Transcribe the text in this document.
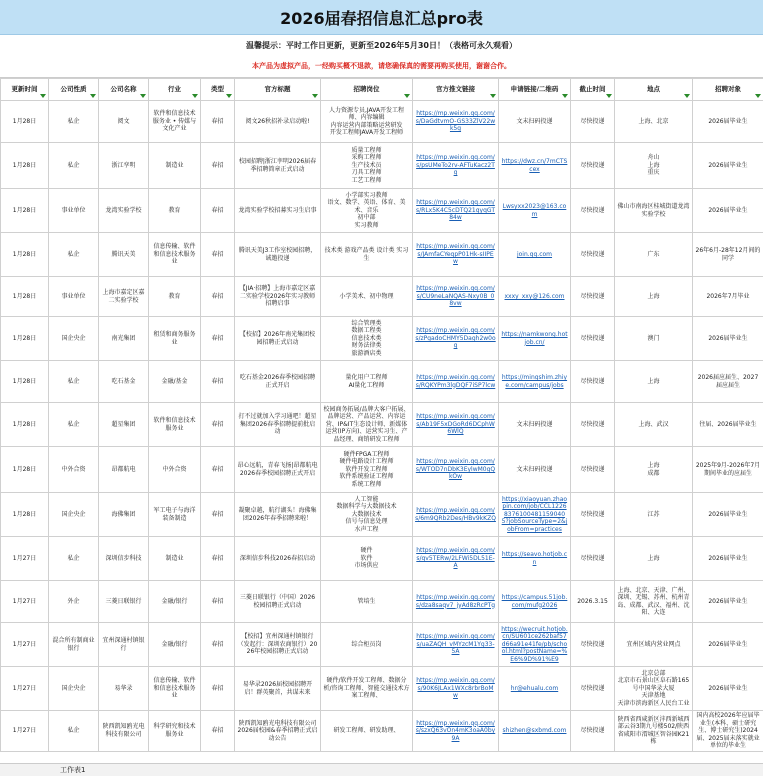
2026届春招信息汇总pro表
温馨提示：平时工作日更新，更新至2026年5月30日！（表格可永久观看）
本产品为虚拟产品，一经购买概不退款，请您确保真的需要再购买使用，谢谢合作。
更新时间	公司性质	公司名称	行业	类型	官方标题	招聘岗位	官方推文链接	申请链接/二维码	截止时间	地点	招聘对象

1月28日	私企	阅文	软件和信息技术服务业 • 传媒与文化产业	春招	阅文26秋招补录启动啦!	人力资源专员,JAVA开发工程师、内容编辑
内容运营内部策略运营研发
开发工程师JAVA开发工程师	https://mp.weixin.qq.com/s/DaGdtvmO-GS33ZlV22wk5g	文末扫码投递	尽快投递	上海、北京	2026届毕业生
1月28日	私企	浙江孪明	制造业	春招	校园招聘|浙江孪明2026届春季招聘简章正式启动	质量工程师
采购工程师
生产技术员
刀具工程师
工艺工程师	https://mp.weixin.qq.com/s/psUMeTo2rv-AFTuKacz2Tg	https://dwz.cn/7mCTScex	尽快投递	舟山
上海
重庆	2026届毕业生
1月28日	事业单位	龙湾实验学校	教育	春招	龙湾实验学校招募实习生启事	小学部实习教师
语文、数学、英语、体育、美术、音乐
初中部
实习教师	https://mp.weixin.qq.com/s/RLx5K4C5cDTQ21qyqGT84w	Lwsyxx2023@163.com	尽快投递	佛山市南海区桂城街道龙湾实验学校	2026届毕业生
1月28日	私企	腾讯天美	信息传输、软件和信息技术服务业	春招	腾讯天美J3工作室校园招聘，诚邀投递	技术类 游戏产品类 设计类 实习生	https://mp.weixin.qq.com/s/JAmfaCYeqpP01Hk-sIIPEw	join.qq.com	尽快投递	广东	26年6月-28年12月间的同学
1月28日	事业单位	上海市嘉定区嘉二实验学校	教育	春招	【JIA·招聘】上海市嘉定区嘉二实验学校2026年实习教师招聘启事	小学美术、初中物理	https://mp.weixin.qq.com/s/CU9neLaNQAS-Nxy0B_08vw	xxxy_xxy@126.com	尽快投递	上海	2026年7月毕业
1月28日	国企央企	南光集团	租赁和商务服务业	春招	【校招】2026年南光集团校园招聘正式启动	综合管理类
数据工程类
信息技术类
财务法律类
旅游酒店类	https://mp.weixin.qq.com/s/zPgadoCHMY5Dagh2w0og	https://namkwong.hotjob.cn/	尽快投递	澳门	2026届毕业生
1月28日	私企	吃石基金	金融/基金	春招	吃石基金2026春季校园招聘正式开启	量化用户工程师
AI量化工程师	https://mp.weixin.qq.com/s/RQKYPm3lgDQF7iSP7lcw	https://mingshim.zhiye.com/campus/jobs	尽快投递	上海	2026届应届生、2027届应届生
1月28日	私企	超星集团	软件和信息技术服务业	春招	打不过就加入学习通吧！超星集团2026春季招聘提前批启动	校园商务拓展/品牌大客户拓展、品牌运营、产品运营、内容运营、IP&IT生态设计师、新媒体运营(IP方向)、运营实习生、产品经理、商销研发工程师	https://mp.weixin.qq.com/s/Ab19F5xDGoRd6DCphW6WlQ	文末扫码投递	尽快投递	上海、武汉	往届、2026届毕业生
1月28日	中外合资	昂都航电	中外合资	春招	昂心远航，青春飞扬|昂都航电2026春季校园招聘正式开启	硬件FPGA工程师
硬件电路设计工程师
软件开发工程师
软件系统验证工程师
系统工程师	https://mp.weixin.qq.com/s/WTOD7nDbK3EylwM0gQkOw	文末扫码投递	尽快投递	上海
成都	2025年9月-2026年7月期间毕业的应届生
1月28日	国企央企	海佛集团	军工电子与海洋装备制造	春招	凝聚卓越，航行湖头！海佛集团2026年春季招聘来啦！	人工智能
数据科学与大数据技术
大数据技术
信号与信息处理
水声工程	https://mp.weixin.qq.com/s/6m9QRb2Des/HBv9kKZQ	https://xiaoyuan.zhaopin.com/job/CCL122683761004811590405?jobSourceType=2&jobFrom=practices	尽快投递	江苏	2026届毕业生
1月27日	私企	深圳信步科技	制造业	春招	深圳信步科技2026春招启动	硬件
软件
市场供应	https://mp.weixin.qq.com/s/qv5TERw/2LFWi5DL51E-A	https://seavo.hotjob.cn	尽快投递	上海	2026届毕业生
1月27日	外企	三菱日联银行	金融/银行	春招	三菱日联银行（中国）2026 校园招聘正式启动	管培生	https://mp.weixin.qq.com/s/dza8saqv7_jyAd8zRcPTg	https://campus.51job.com/mufg2026	2026.3.15	上海、北京、天津、广州、深圳、无锡、苏州、杭州青岛、成都、武汉、福州、沈阳、大连	2026届毕业生
1月27日	混合所有制商业银行	宜州深通村镇银行	金融/银行	春招	【校招】宜州深通村镇银行（发起行：深圳农商银行）2026年校园招聘正式启动	综合柜员岗	https://mp.weixin.qq.com/s/uaZAQH_vMYzcM1Yg33-5A	https://wecruit.hotjob.cn/SU601ce262baf57d66a91e41fe/pb/school.html?postName=%E6%9D%91%E9	尽快投递	宜州区域内营业网点	2026届毕业生
1月27日	国企央企	易华录	信息传输、软件和信息技术服务业	春招	易华录2026届校园招聘开启！群英聚首，共谋未来	硬件/软件开发工程师、数据分析/咨询工程师、智能交通技术方案工程师、	https://mp.weixin.qq.com/s/90K6JLAx1WXc8rbrBoMw	hr@ehualu.com	尽快投递	北京总部
北京市石景山区阜石路165号中国华录大厦
天津基地
天津市滨海新区人民台工业	2026届毕业生
1月27日	私企	陕西凯知鸥光电科技有限公司	科学研究和技术服务业	春招	陕西凯知鸥光电科技有限公司2026届校园&春季招聘正式启动公告	研发工程师、研发助理、	https://mp.weixin.qq.com/s/szxQ63vOn4mK3oaA0by9A	shizhen@sxbmd.com	尽快投递	陕西省西咸新区沣西新城西部云谷3期九号楼502/陕西省咸阳市渭城区智谷园K21栋	国内高校2026年应届毕业生(本科、硕士研究生、博士研究生)2024届、2025届未落实就业单位的毕业生
工作表1
